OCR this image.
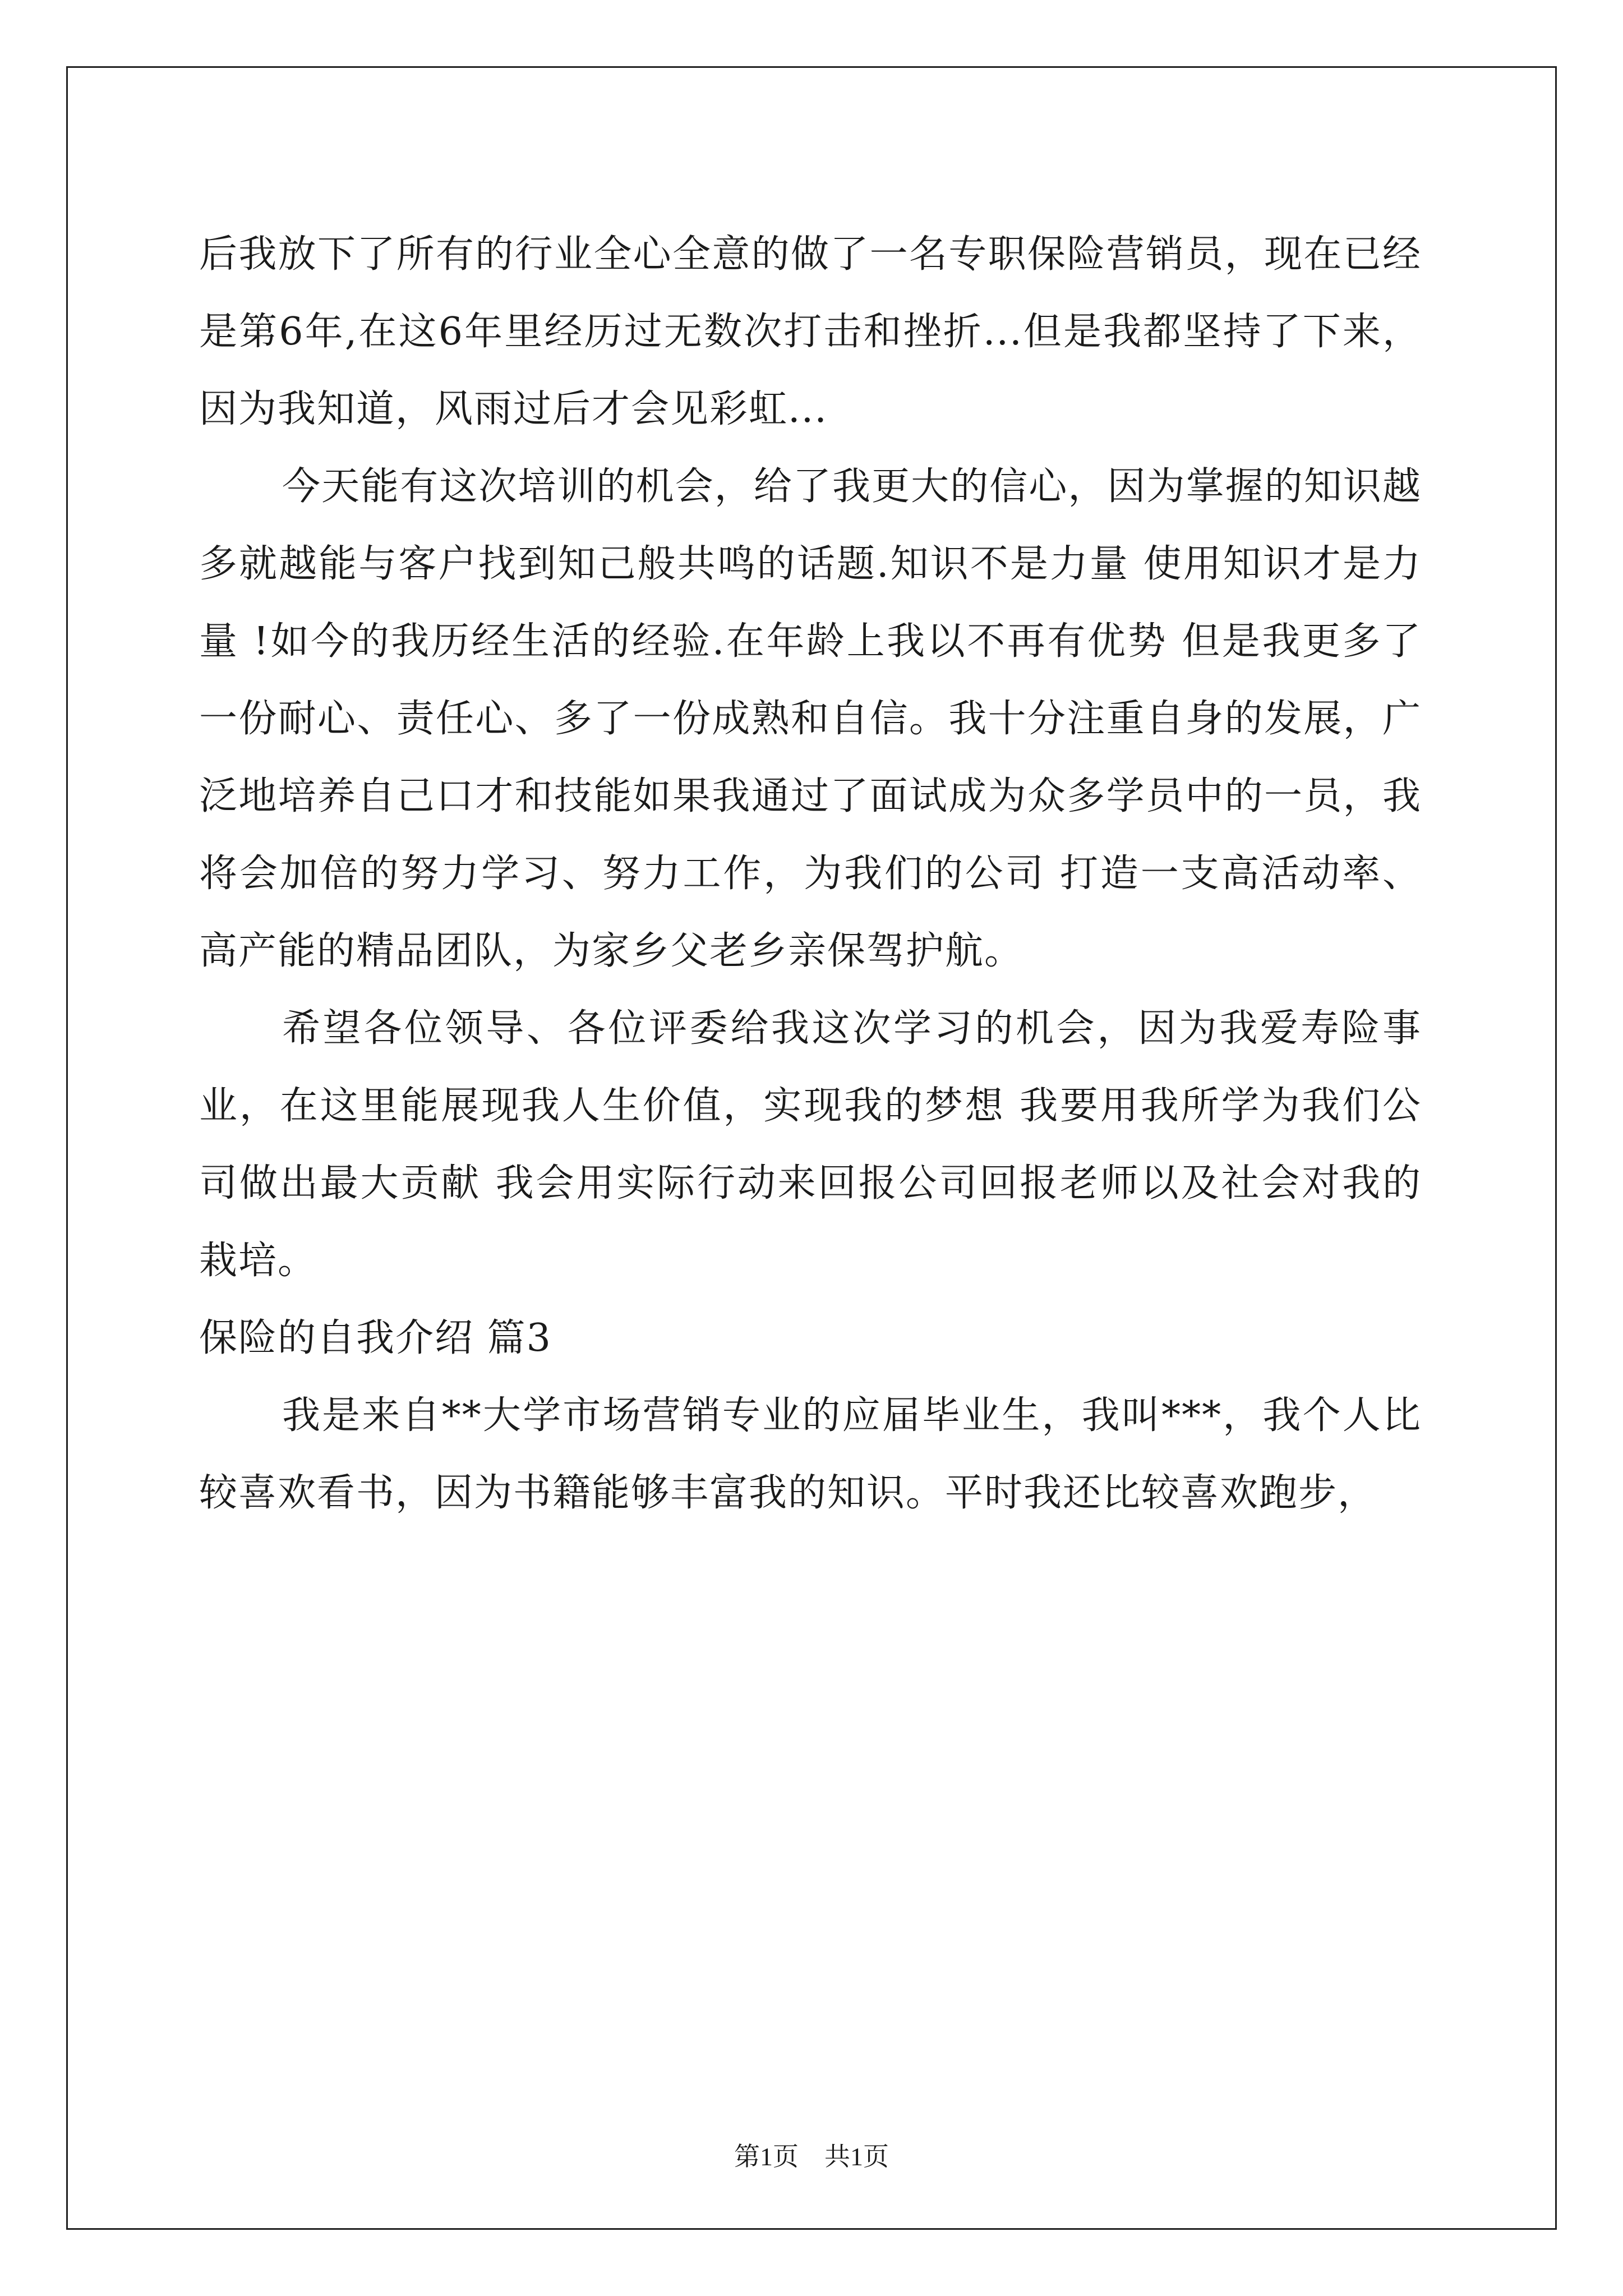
后我放下了所有的行业全心全意的做了一名专职保险营销员，现在已经是第6年,在这6年里经历过无数次打击和挫折...但是我都坚持了下来，因为我知道，风雨过后才会见彩虹...

今天能有这次培训的机会，给了我更大的信心，因为掌握的知识越多就越能与客户找到知己般共鸣的话题.知识不是力量 使用知识才是力量 !如今的我历经生活的经验.在年龄上我以不再有优势 但是我更多了一份耐心、责任心、多了一份成熟和自信。我十分注重自身的发展，广泛地培养自己口才和技能如果我通过了面试成为众多学员中的一员，我将会加倍的努力学习、努力工作，为我们的公司 打造一支高活动率、高产能的精品团队，为家乡父老乡亲保驾护航。

希望各位领导、各位评委给我这次学习的机会，因为我爱寿险事业，在这里能展现我人生价值，实现我的梦想 我要用我所学为我们公司做出最大贡献 我会用实际行动来回报公司回报老师以及社会对我的栽培。

保险的自我介绍 篇3

我是来自**大学市场营销专业的应届毕业生，我叫***，我个人比较喜欢看书，因为书籍能够丰富我的知识。平时我还比较喜欢跑步，

第1页　共1页
